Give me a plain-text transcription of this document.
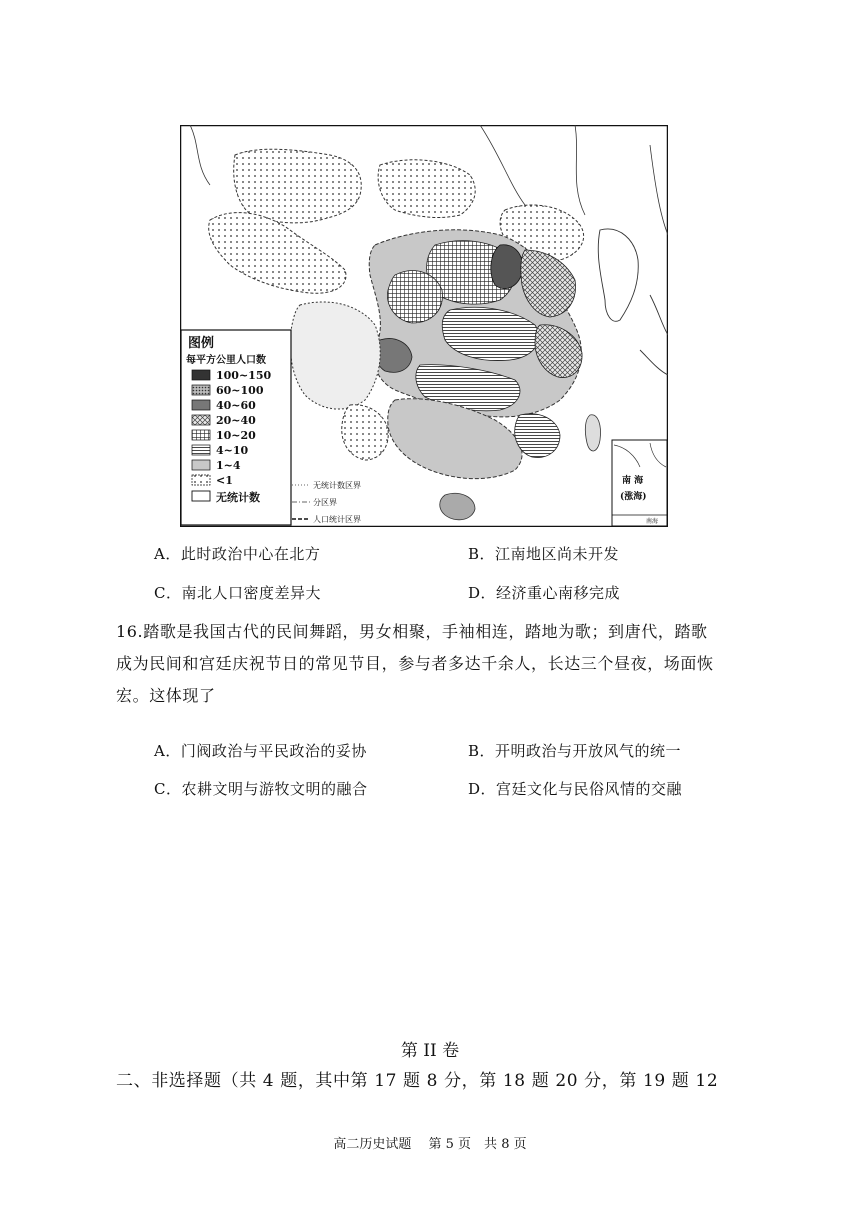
图例
每平方公里人口数
100~150
60~100
40~60
20~40
10~20
4~10
1~4
<1
无统计数
无统计数区界
分区界
人口统计区界
南 海
(涨海)
南海
A．此时政治中心在北方	B．江南地区尚未开发
C．南北人口密度差异大	D．经济重心南移完成
16.踏歌是我国古代的民间舞蹈，男女相聚，手袖相连，踏地为歌；到唐代，踏歌
成为民间和宫廷庆祝节日的常见节目，参与者多达千余人，长达三个昼夜，场面恢
宏。这体现了
A．门阀政治与平民政治的妥协	B．开明政治与开放风气的统一
C．农耕文明与游牧文明的融合	D．宫廷文化与民俗风情的交融
第 II 卷
二、非选择题（共 4 题，其中第 17 题 8 分，第 18 题 20 分，第 19 题 12
高二历史试题　 第 5 页　共 8 页
